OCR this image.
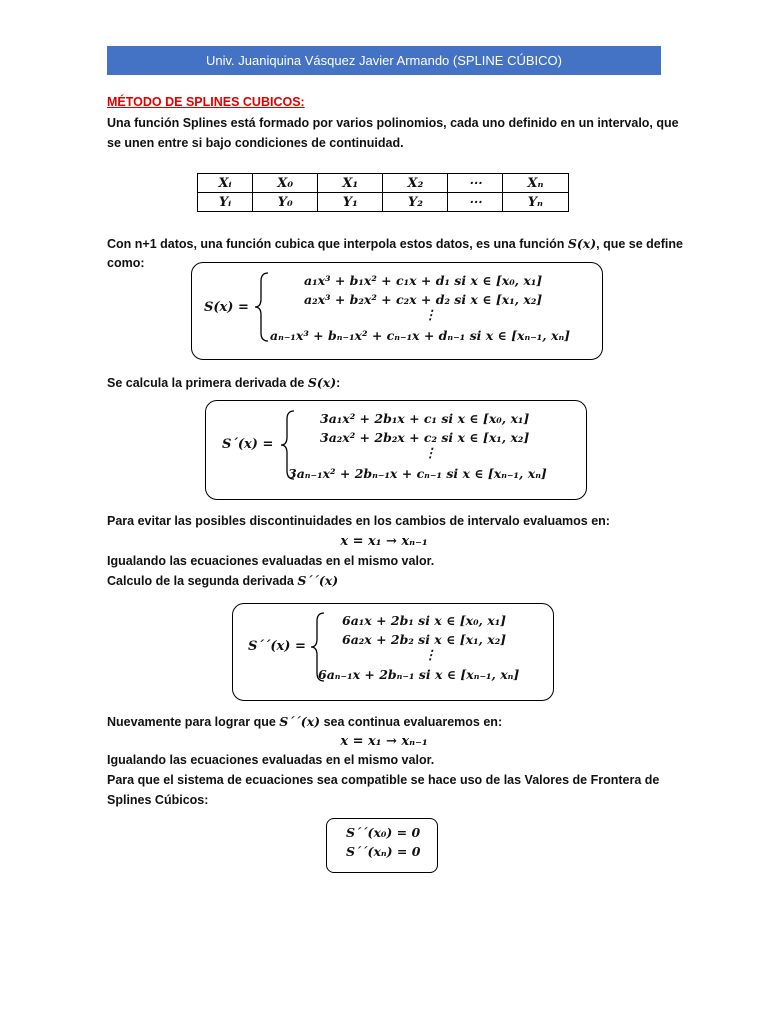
Univ. Juaniquina Vásquez Javier Armando (SPLINE CÚBICO)
MÉTODO DE SPLINES CUBICOS:
Una función Splines está formado por varios polinomios, cada uno definido en un intervalo, que
se unen entre si bajo condiciones de continuidad.
Xᵢ	X₀	X₁	X₂	⋯	Xₙ
Yᵢ	Y₀	Y₁	Y₂	⋯	Yₙ
Con n+1 datos, una función cubica que interpola estos datos, es una función S(x), que se define
como:
S(x) =
a₁x³ + b₁x² + c₁x + d₁ si x ∈ [x₀, x₁]
a₂x³ + b₂x² + c₂x + d₂ si x ∈ [x₁, x₂]
⋮
aₙ₋₁x³ + bₙ₋₁x² + cₙ₋₁x + dₙ₋₁ si x ∈ [xₙ₋₁, xₙ]
Se calcula la primera derivada de S(x):
S´(x) =
3a₁x² + 2b₁x + c₁ si x ∈ [x₀, x₁]
3a₂x² + 2b₂x + c₂ si x ∈ [x₁, x₂]
⋮
3aₙ₋₁x² + 2bₙ₋₁x + cₙ₋₁ si x ∈ [xₙ₋₁, xₙ]
Para evitar las posibles discontinuidades en los cambios de intervalo evaluamos en:
x = x₁ → xₙ₋₁
Igualando las ecuaciones evaluadas en el mismo valor.
Calculo de la segunda derivada S´´(x)
S´´(x) =
6a₁x + 2b₁ si x ∈ [x₀, x₁]
6a₂x + 2b₂ si x ∈ [x₁, x₂]
⋮
6aₙ₋₁x + 2bₙ₋₁ si x ∈ [xₙ₋₁, xₙ]
Nuevamente para lograr que S´´(x) sea continua evaluaremos en:
x = x₁ → xₙ₋₁
Igualando las ecuaciones evaluadas en el mismo valor.
Para que el sistema de ecuaciones sea compatible se hace uso de las Valores de Frontera de
Splines Cúbicos:
S´´(x₀) = 0
S´´(xₙ) = 0
